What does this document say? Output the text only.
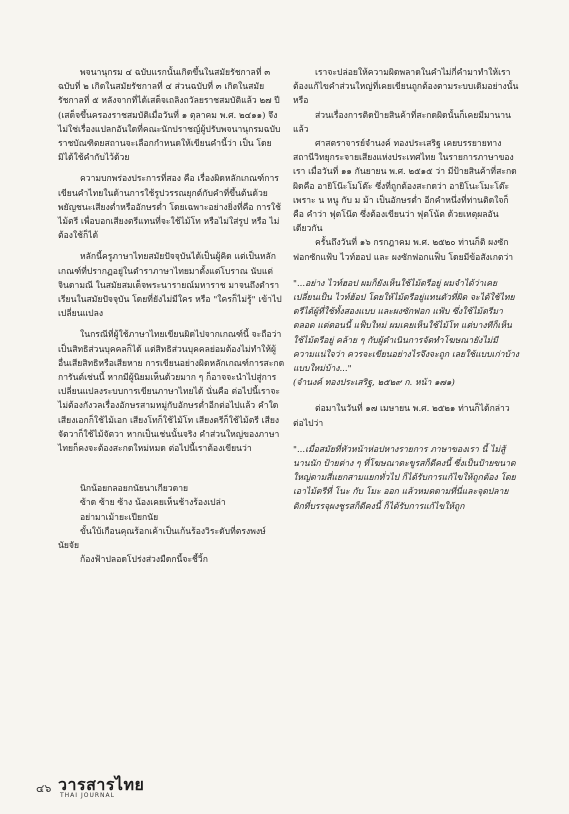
พจนานุกรม ๔ ฉบับแรกนั้นเกิดขึ้นในสมัยรัชกาลที่ ๓ ฉบับที่ ๒ เกิดในสมัยรัชกาลที่ ๔ ส่วนฉบับที่ ๓ เกิดในสมัยรัชกาลที่ ๕ หลังจากที่ได้เสด็จเถลิงถวัลยราชสมบัติแล้ว ๒๗ ปี (เสด็จขึ้นครองราชสมบัติเมื่อวันที่ ๑ ตุลาคม พ.ศ. ๒๔๑๑) จึงไม่ใช่เรื่องแปลกอันใดที่คณะนักปราชญ์ผู้ปรับพจนานุกรมฉบับราชบัณฑิตยสถานจะเลือกกำหนดให้เขียนคำนี้ว่า เป็น โดยมิได้ใช้คำกับไว้ด้วย

ความบกพร่องประการที่สอง คือ เรื่องผิดหลักเกณฑ์การเขียนคำไทยในด้านการใช้รูปวรรณยุกต์กับคำที่ขึ้นต้นด้วยพยัญชนะเสียงต่ำหรืออักษรต่ำ โดยเฉพาะอย่างยิ่งที่คือ การใช้ ไม้ตรี เพื่อบอกเสียงตรีแทนที่จะใช้ไม้โท หรือไม่ใส่รูป หรือ ไม่ต้องใช้ก็ได้

หลักนี้ครูภาษาไทยสมัยปัจจุบันได้เป็นผู้คิด แต่เป็นหลักเกณฑ์ที่ปรากฏอยู่ในตำราภาษาไทยมาตั้งแต่โบราณ นับแต่ จินดามณี ในสมัยสมเด็จพระนารายณ์มหาราช มาจนถึงตำราเรียนในสมัยปัจจุบัน โดยที่ยังไม่มีใคร หรือ "ใครก็ไม่รู้" เข้าไปเปลี่ยนแปลง

ในกรณีที่ผู้ใช้ภาษาไทยเขียนผิดไปจากเกณฑ์นี้ จะถือว่าเป็นสิทธิส่วนบุคคลก็ได้ แต่สิทธิส่วนบุคคลย่อมต้องไม่ทำให้ผู้อื่นเสียสิทธิหรือเสียหาย การเขียนอย่างผิดหลักเกณฑ์การสะกดการันต์เช่นนี้ หากมีผู้นิยมเห็นด้วยมาก ๆ ก็อาจจะนำไปสู่การเปลี่ยนแปลงระบบการเขียนภาษาไทยได้ นั่นคือ ต่อไปนี้เราจะไม่ต้องกังวลเรื่องอักษรสามหมู่กับอักษรต่ำอีกต่อไปแล้ว คำใดเสียงเอกก็ใช้ไม้เอก เสียงโทก็ใช้ไม้โท เสียงตรีก็ใช้ไม้ตรี เสียงจัตวาก็ใช้ไม้จัตวา หากเป็นเช่นนั้นจริง คำส่วนใหญ่ของภาษาไทยก็คงจะต้องสะกดใหม่หมด ต่อไปนี้เราต้องเขียนว่า

นิกน้อยกลอยกนัยนาเกียวดาย

ซ้าด ซ้าย ซ้าง น้องเคยเห็นช้างร้องเปล่า

อย่ามาเม้ายะเปียกนัย

ขั้นใบ้เกือนคุณร้อกเค้าเป็นเก้นร้องวิระดับที่ตรงพงษ์

นัยจัย

ก้องฟ้าปลอดโปร่งส่วงมืดกนี้จะชี้วิ้ก

เราจะปล่อยให้ความผิดพลาดในคำไม่กี่คำมาทำให้เราต้องแก้ไขคำส่วนใหญ่ที่เคยเขียนถูกต้องตามระบบเดิมอย่างนั้นหรือ

ส่วนเรื่องการติดป้ายสินค้าที่สะกดผิดนั้นก็เคยมีมานานแล้ว

ศาสตราจารย์จำนงค์ ทองประเสริฐ เคยบรรยายทางสถานีวิทยุกระจายเสียงแห่งประเทศไทย ในรายการภาษาของเรา เมื่อวันที่ ๑๑ กันยายน พ.ศ. ๒๕๑๕ ว่า มีป้ายสินค้าที่สะกดผิดคือ อายิโน๊ะโมโต๊ะ ซึ่งที่ถูกต้องสะกดว่า อายิโนะโมะโต๊ะ เพราะ น หนู กับ ม ม้า เป็นอักษรต่ำ อีกคำหนึ่งที่ท่านติดใจก็คือ คำว่า ฟุตโน๊ต ซึ่งต้องเขียนว่า ฟุตโน้ต ด้วยเหตุผลอันเดียวกัน

ครั้นถึงวันที่ ๑๖ กรกฎาคม พ.ศ. ๒๕๒๐ ท่านก็ติ ผงซักฟอกซักแฟ้บ ไวท์ฮอป และ ผงซักฟอกแฟ็บ โดยมีข้อสังเกตว่า

"...อย่าง ไวท์ฮอป ผมก็ยังเห็นใช้ไม้ตรีอยู่ ผมจำได้ว่าเคยเปลี่ยนเป็น ไวท์ฮ้อป โดยให้ไม้ตรีอยู่แทนตัวที่ผิด จะได้ใช้ไทยตรีได้ผู้ที่ใช้ทั้งสองแบบ และผงซักฟอก แฟ้บ ซึ่งใช้ไม้ตรีมาตลอด แต่ตอนนี้ แฟ็บใหม่ ผมเคยเห็นใช้ไม้โท แต่บางทีก็เห็นใช้ไม้ตรีอยู่ คล้าย ๆ กับผู้ดำเนินการจัดทำโฆษณายังไม่มีความแน่ใจว่า ควรจะเขียนอย่างไรจึงจะถูก เลยใช้แบบเก่าบ้าง แบบใหม่บ้าง..."

(จำนงค์ ทองประเสริฐ, ๒๕๒๙ ก. หน้า ๑๗๑)

ต่อมาในวันที่ ๑๗ เมษายน พ.ศ. ๒๕๒๑ ท่านก็ได้กล่าวต่อไปว่า

"...เมื่อสมัยที่หัวหน้าห่อปหางรายการ ภาษาของเรา นี้ ไม่สู้นานนัก ป้ายต่าง ๆ ที่โฆษณาตะขูรสก็ดีคงนี้ ซึ่งเป็นป้ายขนาดใหญ่ตามสี่แยกสามแยกทั่วไป ก็ได้รับการแก้ไขให้ถูกต้อง โดยเอาไม้ตรีที่ โนะ กับ โมะ ออก แล้วหมดตามที่นี่และจุดปลาย ดิกที่บรรจุผงชูรสก็ดีคงนี้ ก็ได้รับการแก้ไขให้ถูก

๔๖ วารสารไทย
THAI JOURNAL
